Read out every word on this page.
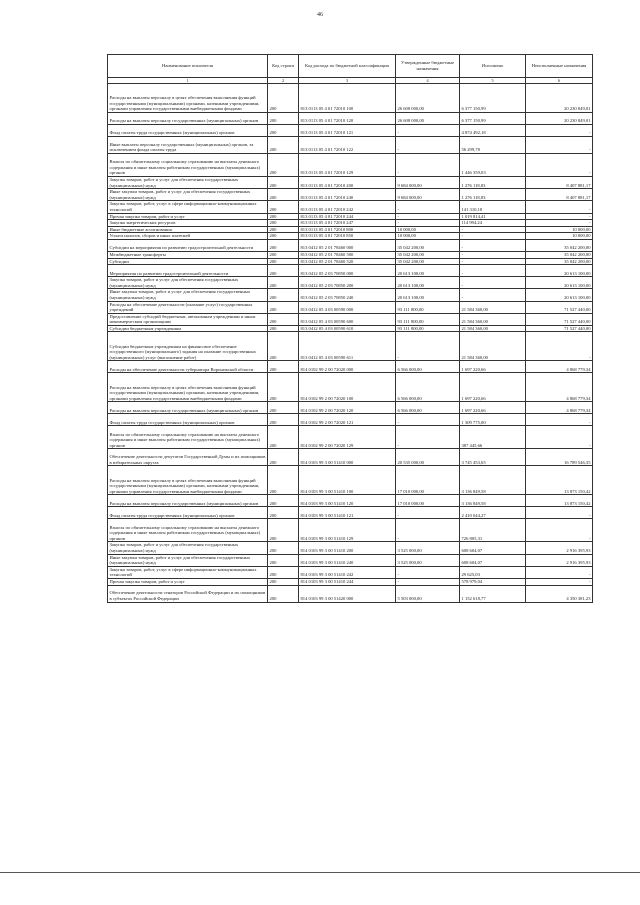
46
Наименование показателя	Код строки	Код расхода по бюджетной классификации	Утвержденные бюджетные назначения	Исполнено	Неисполненные назначения
1	2	3	4	5	6
Расходы на выплаты персоналу в целях обеспечения выполнения функций государственными (муниципальными) органами, казенными учреждениями, органами управления государственными внебюджетными фондами	200	813 0113 05 4 01 72010 100	26 608 000,00	6 377 150,99	20 230 849,01
Расходы на выплаты персоналу государственных (муниципальных) органов	200	813 0113 05 4 01 72010 120	26 608 000,00	6 377 150,99	20 230 849,01
Фонд оплаты труда государственных (муниципальных) органов	200	813 0113 05 4 01 72010 121	-	4 874 492,18	-
Иные выплаты персоналу государственных (муниципальных) органов, за исключением фонда оплаты труда	200	813 0113 05 4 01 72010 122	-	56 299,78	-
Взносы по обязательному социальному страхованию на выплаты денежного содержания и иные выплаты работникам государственных (муниципальных) органов	200	813 0113 05 4 01 72010 129	-	1 446 359,03	-
Закупка товаров, работ и услуг для обеспечения государственных (муниципальных) нужд	200	813 0113 05 4 01 72010 200	9 684 000,00	1 276 118,83	8 407 881,17
Иные закупки товаров, работ и услуг для обеспечения государственных (муниципальных) нужд	200	813 0113 05 4 01 72010 240	9 684 000,00	1 276 118,83	8 407 881,17
Закупка товаров, работ, услуг в сфере информационно-коммуникационных технологий	200	813 0113 05 4 01 72010 242	-	141 310,18	-
Прочая закупка товаров, работ и услуг	200	813 0113 05 4 01 72010 244	-	1 019 814,41	-
Закупка энергетических ресурсов	200	813 0113 05 4 01 72010 247	-	114 994,24	-
Иные бюджетные ассигнования	200	813 0113 05 4 01 72010 800	10 000,00	-	10 000,00
Уплата налогов, сборов и иных платежей	200	813 0113 05 4 01 72010 850	10 000,00	-	10 000,00
Субсидии на мероприятия по развитию градостроительной деятельности	200	813 0412 05 2 01 78460 000	35 042 200,00	-	35 042 200,00
Межбюджетные трансферты	200	813 0412 05 2 01 78460 500	35 042 200,00	-	35 042 200,00
Субсидии	200	813 0412 05 2 01 78460 520	35 042 200,00	-	35 042 200,00
Мероприятия по развитию градостроительной деятельности	200	813 0412 05 2 03 70850 000	20 613 100,00	-	20 613 100,00
Закупка товаров, работ и услуг для обеспечения государственных (муниципальных) нужд	200	813 0412 05 2 03 70850 200	20 613 100,00	-	20 613 100,00
Иные закупки товаров, работ и услуг для обеспечения государственных (муниципальных) нужд	200	813 0412 05 2 03 70850 240	20 613 100,00	-	20 613 100,00
Расходы на обеспечение деятельности (оказание услуг) государственных учреждений	200	813 0412 05 4 03 00590 000	93 111 800,00	21 584 360,00	71 527 440,00
Предоставление субсидий бюджетным, автономным учреждениям и иным некоммерческим организациям	200	813 0412 05 4 03 00590 600	93 111 800,00	21 584 360,00	71 527 440,00
Субсидии бюджетным учреждениям	200	813 0412 05 4 03 00590 610	93 111 800,00	21 584 360,00	71 527 440,00
Субсидии бюджетным учреждениям на финансовое обеспечение государственного (муниципального) задания на оказание государственных (муниципальных) услуг (выполнение работ)	200	813 0412 05 4 03 00590 611	-	21 584 360,00	-
Расходы на обеспечение деятельности губернатора Воронежской области	200	814 0102 99 2 00 72020 000	6 566 000,00	1 697 220,66	4 868 779,34
Расходы на выплаты персоналу в целях обеспечения выполнения функций государственными (муниципальными) органами, казенными учреждениями, органами управления государственными внебюджетными фондами	200	814 0102 99 2 00 72020 100	6 566 000,00	1 697 220,66	4 868 779,34
Расходы на выплаты персоналу государственных (муниципальных) органов	200	814 0102 99 2 00 72020 120	6 566 000,00	1 697 220,66	4 868 779,34
Фонд оплаты труда государственных (муниципальных) органов	200	814 0102 99 2 00 72020 121	-	1 309 775,00	-
Взносы по обязательному социальному страхованию на выплаты денежного содержания и иные выплаты работникам государственных (муниципальных) органов	200	814 0102 99 2 00 72020 129	-	387 445,66	-
Обеспечение деятельности депутатов Государственной Думы и их помощников в избирательных округах	200	814 0103 99 3 00 51410 000	20 535 000,00	3 745 453,65	16 789 546,35
Расходы на выплаты персоналу в целях обеспечения выполнения функций государственными (муниципальными) органами, казенными учреждениями, органами управления государственными внебюджетными фондами	200	814 0103 99 3 00 51410 100	17 010 000,00	3 136 849,58	13 873 150,42
Расходы на выплаты персоналу государственных (муниципальных) органов	200	814 0103 99 3 00 51410 120	17 010 000,00	3 136 849,58	13 873 150,42
Фонд оплаты труда государственных (муниципальных) органов	200	814 0103 99 3 00 51410 121	-	2 410 044,27	-
Взносы по обязательному социальному страхованию на выплаты денежного содержания и иные выплаты работникам государственных (муниципальных) органов	200	814 0103 99 3 00 51410 129	-	726 805,31	-
Закупка товаров, работ и услуг для обеспечения государственных (муниципальных) нужд	200	814 0103 99 3 00 51410 200	3 525 000,00	608 604,07	2 916 395,93
Иные закупки товаров, работ и услуг для обеспечения государственных (муниципальных) нужд	200	814 0103 99 3 00 51410 240	3 525 000,00	608 604,07	2 916 395,93
Закупка товаров, работ, услуг в сфере информационно-коммуникационных технологий	200	814 0103 99 3 00 51410 242	-	29 625,03	-
Прочая закупка товаров, работ и услуг	200	814 0103 99 3 00 51410 244	-	578 979,04	-
Обеспечение деятельности сенаторов Российской Федерации и их помощников в субъектах Российской Федерации	200	814 0103 99 3 00 51420 000	5 503 000,00	1 152 618,77	4 350 381,23
